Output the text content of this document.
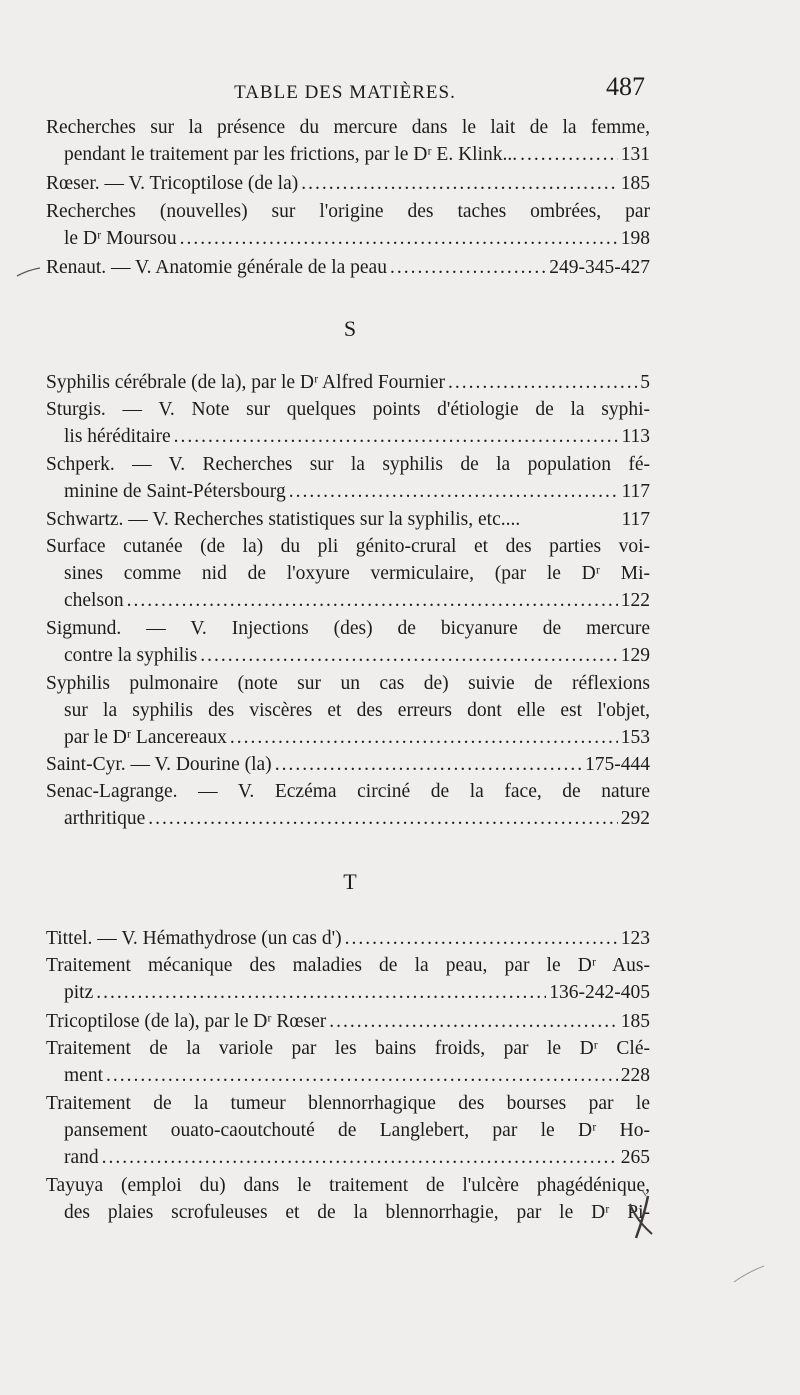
TABLE DES MATIÈRES.	487
Recherches sur la présence du mercure dans le lait de la femme,
pendant le traitement par les frictions, par le Dʳ E. Klink... .....	131
Rœser. — V. Tricoptilose (de la) .....	185
Recherches (nouvelles) sur l'origine des taches ombrées, par
le Dʳ Moursou .....	198
Renaut. — V. Anatomie générale de la peau .....	249-345-427
S
Syphilis cérébrale (de la), par le Dʳ Alfred Fournier .....	5
Sturgis. — V. Note sur quelques points d'étiologie de la syphi-
lis héréditaire .....	113
Schperk. — V. Recherches sur la syphilis de la population fé-
minine de Saint-Pétersbourg .....	117
Schwartz. — V. Recherches statistiques sur la syphilis, etc....	117
Surface cutanée (de la) du pli génito-crural et des parties voi-
sines comme nid de l'oxyure vermiculaire, (par le Dʳ Mi-
chelson .....	122
Sigmund. — V. Injections (des) de bicyanure de mercure
contre la syphilis .....	129
Syphilis pulmonaire (note sur un cas de) suivie de réflexions
sur la syphilis des viscères et des erreurs dont elle est l'objet,
par le Dʳ Lancereaux .....	153
Saint-Cyr. — V. Dourine (la) .....	175-444
Senac-Lagrange. — V. Eczéma circiné de la face, de nature
arthritique .....	292
T
Tittel. — V. Hémathydrose (un cas d') .....	123
Traitement mécanique des maladies de la peau, par le Dʳ Aus-
pitz .....	136-242-405
Tricoptilose (de la), par le Dʳ Rœser .....	185
Traitement de la variole par les bains froids, par le Dʳ Clé-
ment .....	228
Traitement de la tumeur blennorrhagique des bourses par le
pansement ouato-caoutchouté de Langlebert, par le Dʳ Ho-
rand .....	265
Tayuya (emploi du) dans le traitement de l'ulcère phagédénique,
des plaies scrofuleuses et de la blennorrhagie, par le Dʳ Pi-
